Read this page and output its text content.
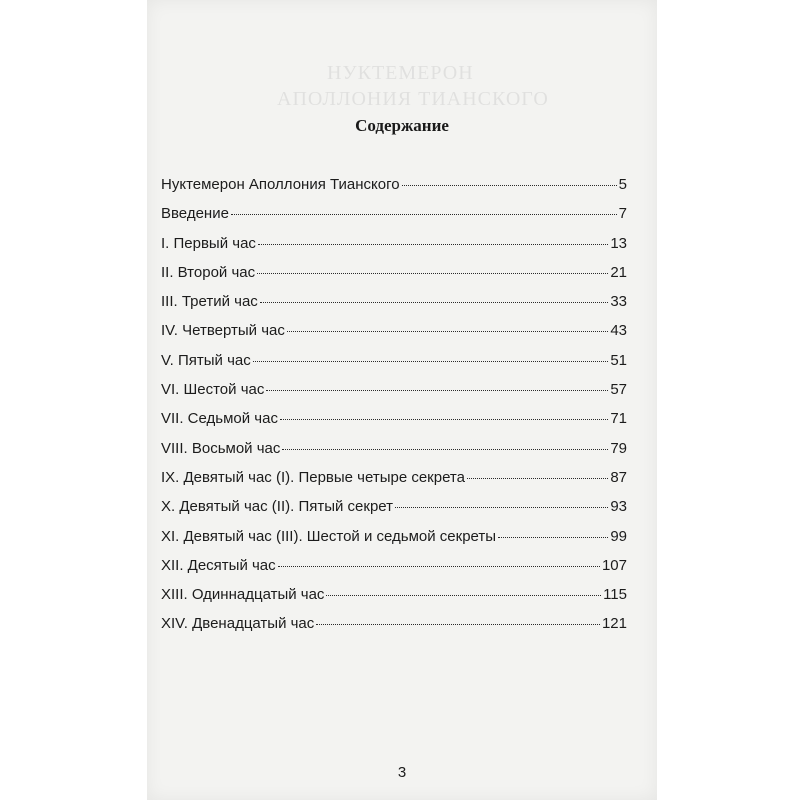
НУКТЕМЕРОН
АПОЛЛОНИЯ ТИАНСКОГО
Содержание
Нуктемерон Аполлония Тианского	5
Введение	7
I. Первый час	13
II. Второй час	21
III. Третий час	33
IV. Четвертый час	43
V. Пятый час	51
VI. Шестой час	57
VII. Седьмой час	71
VIII. Восьмой час	79
IX. Девятый час (I). Первые четыре секрета	87
X. Девятый час (II). Пятый секрет	93
XI. Девятый час (III). Шестой и седьмой секреты	99
XII. Десятый час	107
XIII. Одиннадцатый час	115
XIV. Двенадцатый час	121
3
